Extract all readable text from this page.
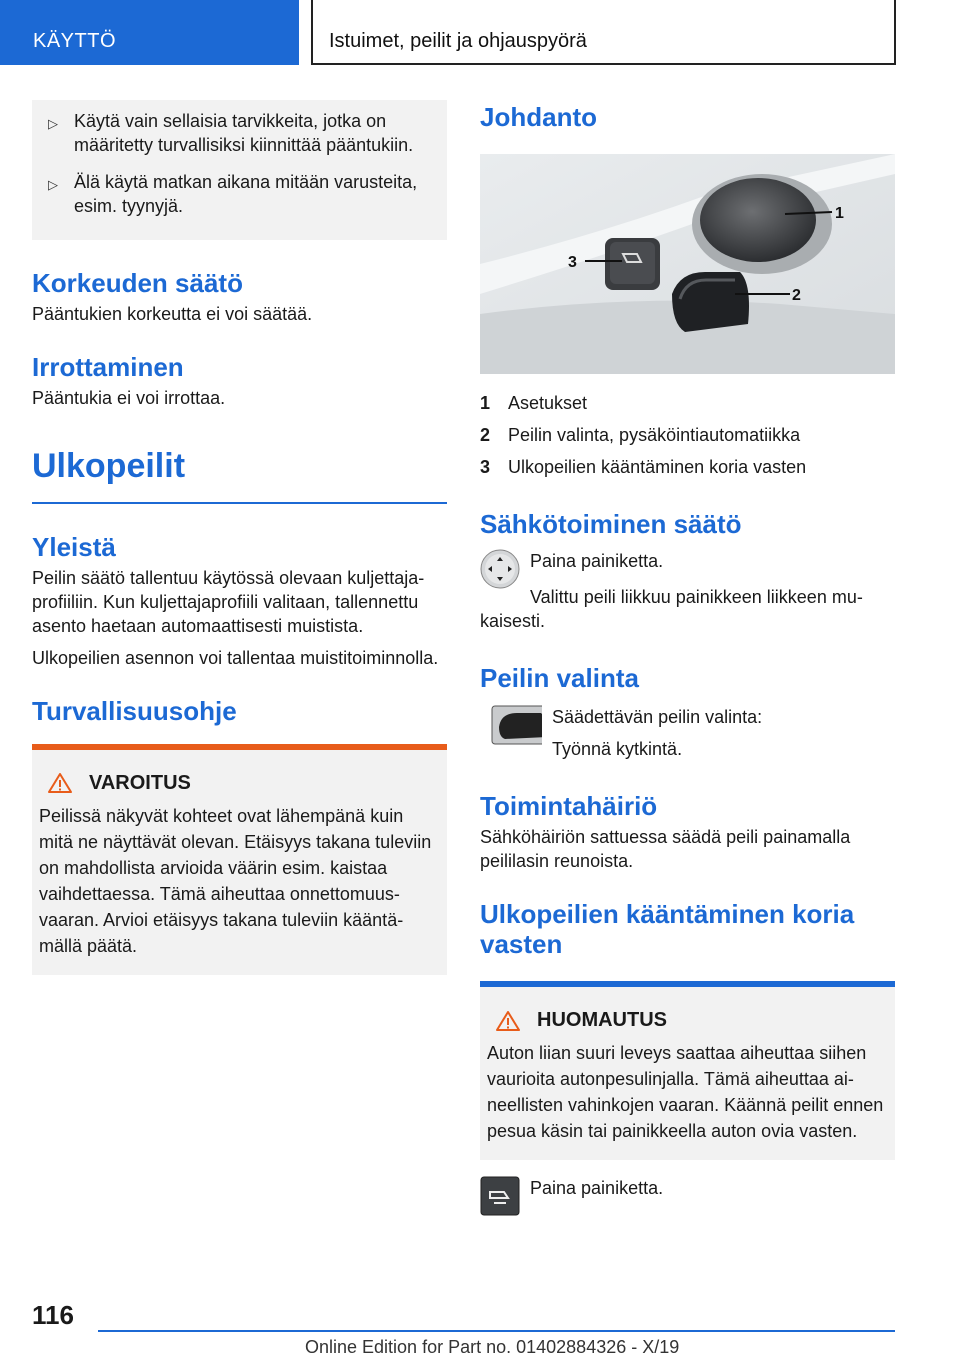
KÄYTTÖ	Istuimet, peilit ja ohjauspyörä
▷ Käytä vain sellaisia tarvikkeita, jotka on määritetty turvallisiksi kiinnittää pääntukiin.
▷ Älä käytä matkan aikana mitään varusteita, esim. tyynyjä.
Korkeuden säätö

Pääntukien korkeutta ei voi säätää.

Irrottaminen

Pääntukia ei voi irrottaa.

Ulkopeilit
Yleistä

Peilin säätö tallentuu käytössä olevaan kuljettajaprofiiliin. Kun kuljettajaprofiili valitaan, tallennettu asento haetaan automaattisesti muistista.

Ulkopeilien asennon voi tallentaa muistitoiminnolla.

Turvallisuusohje
VAROITUS

Peilissä näkyvät kohteet ovat lähempänä kuin mitä ne näyttävät olevan. Etäisyys takana tuleviin on mahdollista arvioida väärin esim. kaistaa vaihdettaessa. Tämä aiheuttaa onnettomuusvaaran. Arvioi etäisyys takana tuleviin kääntämällä päätä.

Johdanto
1
2
3
1 Asetukset
2 Peilin valinta, pysäköintiautomatiikka
3 Ulkopeilien kääntäminen koria vasten
Sähkötoiminen säätö

Paina painiketta.

Valittu peili liikkuu painikkeen liikkeen mukaisesti.

Peilin valinta

Säädettävän peilin valinta:

Työnnä kytkintä.

Toimintahäiriö

Sähköhäiriön sattuessa säädä peili painamalla peililasin reunoista.

Ulkopeilien kääntäminen koria vasten
HUOMAUTUS

Auton liian suuri leveys saattaa aiheuttaa siihen vaurioita autonpesulinjalla. Tämä aiheuttaa aineellisten vahinkojen vaaran. Käännä peilit ennen pesua käsin tai painikkeella auton ovia vasten.

Paina painiketta.

116
Online Edition for Part no. 01402884326 - X/19
